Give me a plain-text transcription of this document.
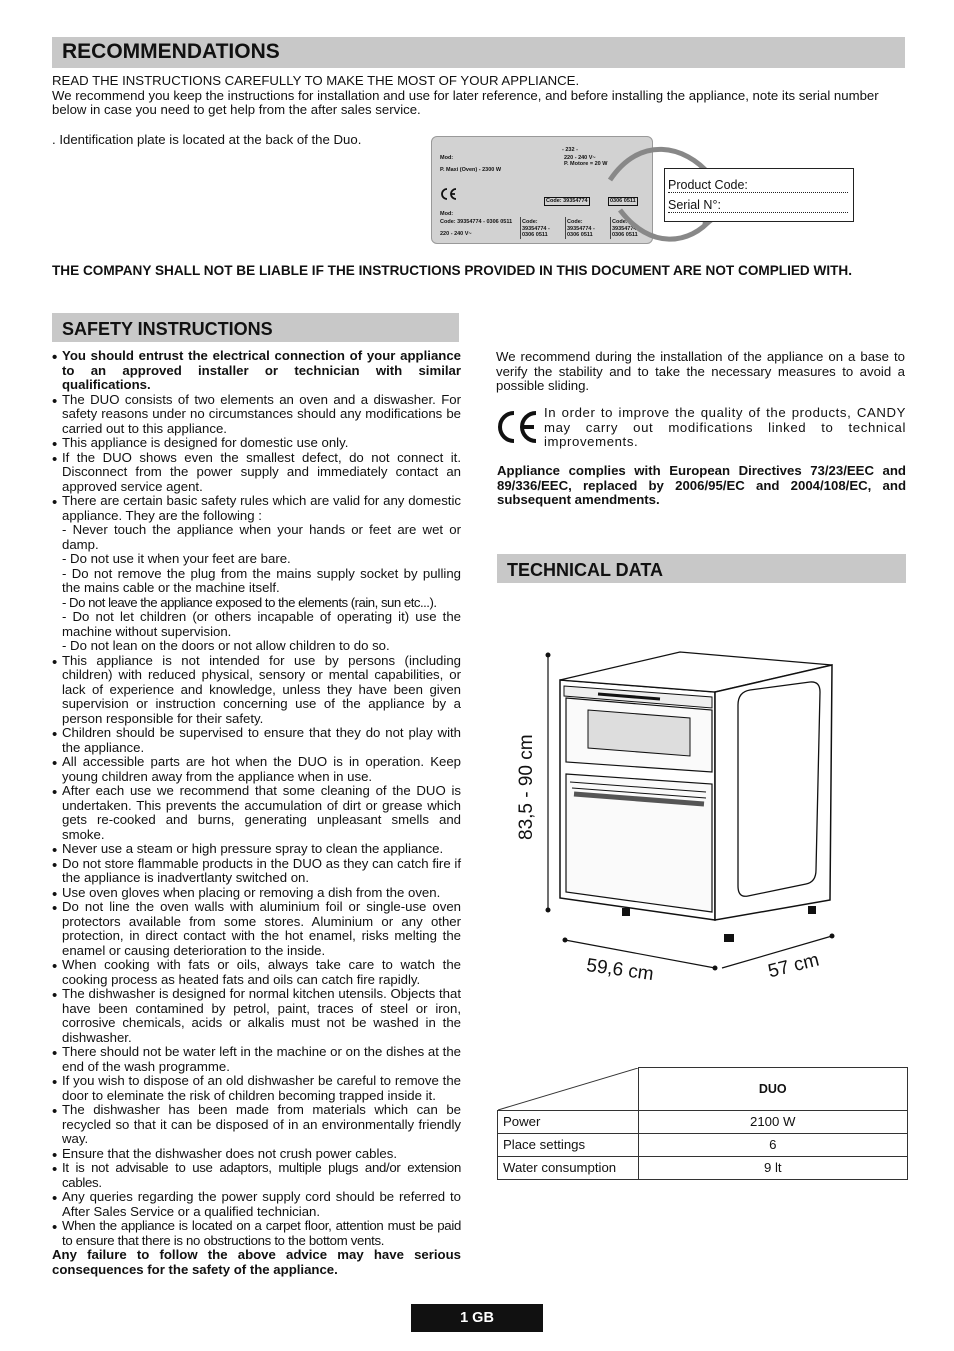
RECOMMENDATIONS

READ THE INSTRUCTIONS CAREFULLY TO MAKE THE MOST OF YOUR APPLIANCE.

We recommend you keep the instructions for installation and use for later reference, and before installing the appliance, note its serial number below in case you need to get help from the after sales service.

. Identification plate is located at the back of the Duo.

Mod:
P. Maxi (Oven) - 2300 W
- 232 -
220 - 240 V~
P. Motore = 20 W
Code: 39354774	0306 0511
Mod:
Code: 39354774 - 0306 0511
220 - 240 V~
Code: 39354774 - 0306 0511
Code: 39354774 - 0306 0511
Code: 39354774 - 0306 0511
Product Code:
Serial N°:

THE COMPANY SHALL NOT BE LIABLE IF THE INSTRUCTIONS PROVIDED IN THIS DOCUMENT ARE NOT COMPLIED WITH.

SAFETY INSTRUCTIONS
• You should entrust the electrical connection of your appliance to an approved installer or technician with similar qualifications.
• The DUO consists of two elements an oven and a diswasher. For safety reasons under no circumstances should any modifications be carried out to this appliance.
• This appliance is designed for domestic use only.
• If the DUO shows even the smallest defect, do not connect it. Disconnect from the power supply and immediately contact an approved service agent.
• There are certain basic safety rules which are valid for any domestic appliance. They are the following :
- Never touch the appliance when your hands or feet are wet or damp.
- Do not use it when your feet are bare.
- Do not remove the plug from the mains supply socket by pulling the mains cable or the machine itself.
- Do not leave the appliance exposed to the elements (rain, sun etc...).
- Do not let children (or others incapable of operating it) use the machine without supervision.
- Do not lean on the doors or not allow children to do so.
• This appliance is not intended for use by persons (including children) with reduced physical, sensory or mental capabilities, or lack of experience and knowledge, unless they have been given supervision or instruction concerning use of the appliance by a person responsible for their safety.
• Children should be supervised to ensure that they do not play with the appliance.
• All accessible parts are hot when the DUO is in operation. Keep young children away from the appliance when in use.
• After each use we recommend that some cleaning of the DUO is undertaken. This prevents the accumulation of dirt or grease which gets re-cooked and burns, generating unpleasant smells and smoke.
• Never use a steam or high pressure spray to clean the appliance.
• Do not store flammable products in the DUO as they can catch fire if the appliance is inadvertlanty switched on.
• Use oven gloves when placing or removing a dish from the oven.
• Do not line the oven walls with aluminium foil or single-use oven protectors available from some stores. Aluminium or any other protection, in direct contact with the hot enamel, risks melting the enamel or causing deterioration to the inside.
• When cooking with fats or oils, always take care to watch the cooking process as heated fats and oils can catch fire rapidly.
• The dishwasher is designed for normal kitchen utensils. Objects that have been contamined by petrol, paint, traces of steel or iron, corrosive chemicals, acids or alkalis must not be washed in the dishwasher.
• There should not be water left in the machine or on the dishes at the end of the wash programme.
• If you wish to dispose of an old dishwasher be careful to remove the door to eleminate the risk of children becoming trapped inside it.
• The dishwasher has been made from materials which can be recycled so that it can be disposed of in an environmentally friendly way.
• Ensure that the dishwasher does not crush power cables.
• It is not advisable to use adaptors, multiple plugs and/or extension cables.
• Any queries regarding the power supply cord should be referred to After Sales Service or a qualified technician.
• When the appliance is located on a carpet floor, attention must be paid to ensure that there is no obstructions to the bottom vents.

Any failure to follow the above advice may have serious consequences for the safety of the appliance.

We recommend during the installation of the appliance on a base to verify the stability and to take the necessary measures to avoid a possible sliding.

In order to improve the quality of the products, CANDY may carry out modifications linked to technical improvements.

Appliance complies with European Directives 73/23/EEC and 89/336/EEC, replaced by 2006/95/EC and 2004/108/EC, and subsequent amendments.

TECHNICAL DATA
83,5 - 90 cm
59,6 cm	57 cm
	DUO
Power	2100 W
Place settings	6
Water consumption	9 lt
1 GB
